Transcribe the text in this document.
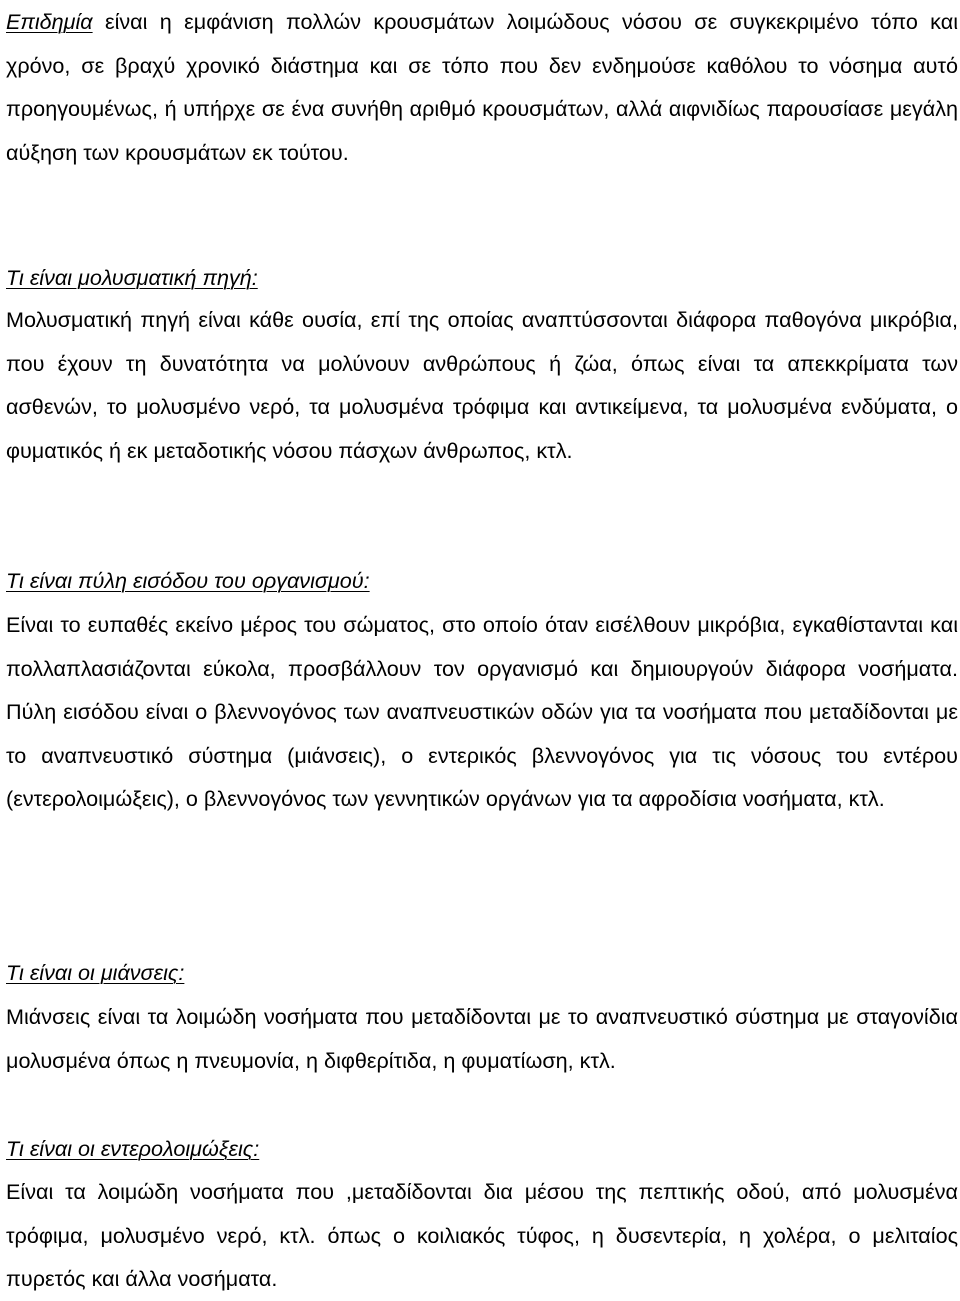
Επιδημία είναι η εμφάνιση πολλών κρουσμάτων λοιμώδους νόσου σε συγκεκριμένο τόπο και χρόνο, σε βραχύ χρονικό διάστημα και σε τόπο που δεν ενδημούσε καθόλου το νόσημα αυτό προηγουμένως, ή υπήρχε σε ένα συνήθη αριθμό κρουσμάτων, αλλά αιφνιδίως παρουσίασε μεγάλη αύξηση των κρουσμάτων εκ τούτου.

Τι είναι μολυσματική πηγή:

Μολυσματική πηγή είναι κάθε ουσία, επί της οποίας αναπτύσσονται διάφορα παθογόνα μικρόβια, που έχουν τη δυνατότητα να μολύνουν ανθρώπους ή ζώα, όπως είναι τα απεκκρίματα των ασθενών, το μολυσμένο νερό, τα μολυσμένα τρόφιμα και αντικείμενα, τα μολυσμένα ενδύματα, ο φυματικός ή εκ μεταδοτικής νόσου πάσχων άνθρωπος, κτλ.

Τι είναι πύλη εισόδου του οργανισμού:

Είναι το ευπαθές εκείνο μέρος του σώματος, στο οποίο όταν εισέλθουν μικρόβια, εγκαθίστανται και πολλαπλασιάζονται εύκολα, προσβάλλουν τον οργανισμό και δημιουργούν διάφορα νοσήματα. Πύλη εισόδου είναι ο βλεννογόνος των αναπνευστικών οδών για τα νοσήματα που μεταδίδονται με το αναπνευστικό σύστημα (μιάνσεις), ο εντερικός βλεννογόνος για τις νόσους του εντέρου (εντερολοιμώξεις), ο βλεννογόνος των γεννητικών οργάνων για τα αφροδίσια νοσήματα, κτλ.

Τι είναι οι μιάνσεις:

Μιάνσεις είναι τα λοιμώδη νοσήματα που μεταδίδονται με το αναπνευστικό σύστημα με σταγονίδια μολυσμένα όπως η πνευμονία, η διφθερίτιδα, η φυματίωση, κτλ.

Τι είναι οι εντερολοιμώξεις:

Είναι τα λοιμώδη νοσήματα που ,μεταδίδονται δια μέσου της πεπτικής οδού, από μολυσμένα τρόφιμα, μολυσμένο νερό, κτλ. όπως ο κοιλιακός τύφος, η δυσεντερία, η χολέρα, ο μελιταίος πυρετός και άλλα νοσήματα.
